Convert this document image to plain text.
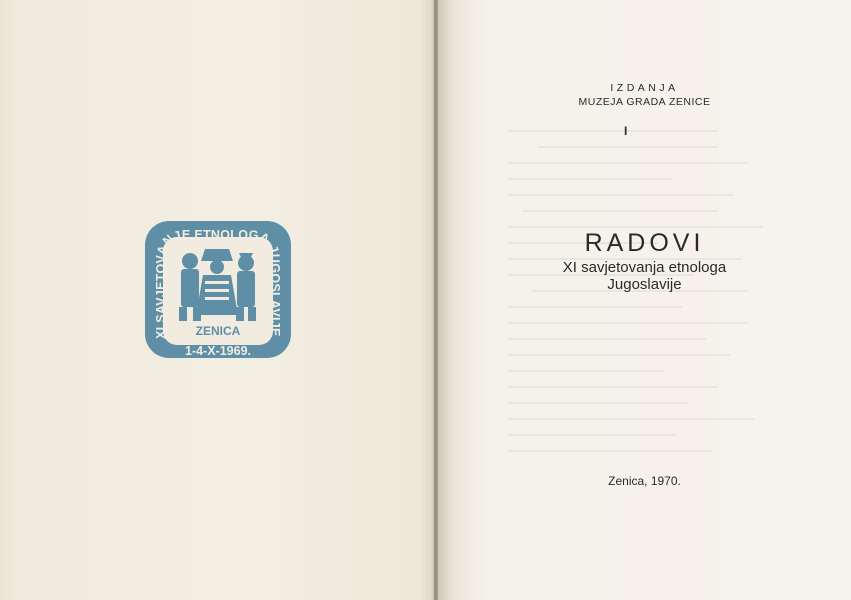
XI SAVJETOVANJE ETNOLOGA JUGOSLAVIJE
ZENICA
1-4-X-1969.
IZDANJA
MUZEJA GRADA ZENICE
I
RADOVI
XI savjetovanja etnologa
Jugoslavije
Zenica, 1970.
